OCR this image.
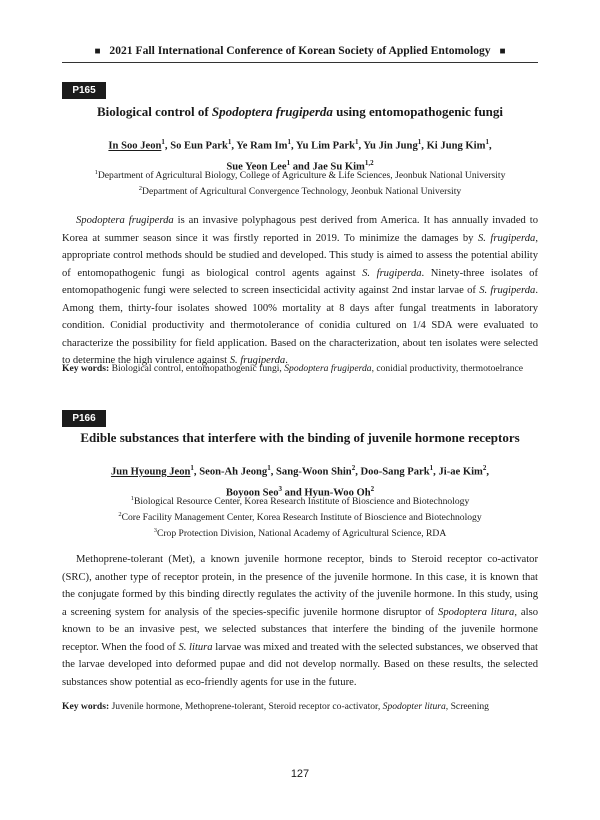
■ 2021 Fall International Conference of Korean Society of Applied Entomology ■
P165
Biological control of Spodoptera frugiperda using entomopathogenic fungi
In Soo Jeon$^1$, So Eun Park$^1$, Ye Ram Im$^1$, Yu Lim Park$^1$, Yu Jin Jung$^1$, Ki Jung Kim$^1$,
Sue Yeon Lee$^1$ and Jae Su Kim$^{1,2}$
$^1$Department of Agricultural Biology, College of Agriculture & Life Sciences, Jeonbuk National University
$^2$Department of Agricultural Convergence Technology, Jeonbuk National University
Spodoptera frugiperda is an invasive polyphagous pest derived from America. It has annually invaded to Korea at summer season since it was firstly reported in 2019. To minimize the damages by S. frugiperda, appropriate control methods should be studied and developed. This study is aimed to assess the potential ability of entomopathogenic fungi as biological control agents against S. frugiperda. Ninety-three isolates of entomopathogenic fungi were selected to screen insecticidal activity against 2nd instar larvae of S. frugiperda. Among them, thirty-four isolates showed 100% mortality at 8 days after fungal treatments in laboratory condition. Conidial productivity and thermotolerance of conidia cultured on 1/4 SDA were evaluated to characterize the possibility for field application. Based on the characterization, about ten isolates were selected to determine the high virulence against S. frugiperda.
Key words: Biological control, entomopathogenic fungi, Spodoptera frugiperda, conidial productivity, thermotoelrance
P166
Edible substances that interfere with the binding of juvenile hormone receptors
Jun Hyoung Jeon$^1$, Seon-Ah Jeong$^1$, Sang-Woon Shin$^2$, Doo-Sang Park$^1$, Ji-ae Kim$^2$,
Boyoon Seo$^3$ and Hyun-Woo Oh$^2$
$^1$Biological Resource Center, Korea Research Institute of Bioscience and Biotechnology
$^2$Core Facility Management Center, Korea Research Institute of Bioscience and Biotechnology
$^3$Crop Protection Division, National Academy of Agricultural Science, RDA
Methoprene-tolerant (Met), a known juvenile hormone receptor, binds to Steroid receptor co-activator (SRC), another type of receptor protein, in the presence of the juvenile hormone. In this case, it is known that the conjugate formed by this binding directly regulates the activity of the juvenile hormone. In this study, using a screening system for analysis of the species-specific juvenile hormone disruptor of Spodoptera litura, also known to be an invasive pest, we selected substances that interfere the binding of the juvenile hormone receptor. When the food of S. litura larvae was mixed and treated with the selected substances, we observed that the larvae developed into deformed pupae and did not develop normally. Based on these results, the selected substances show potential as eco-friendly agents for use in the future.
Key words: Juvenile hormone, Methoprene-tolerant, Steroid receptor co-activator, Spodopter litura, Screening
127
